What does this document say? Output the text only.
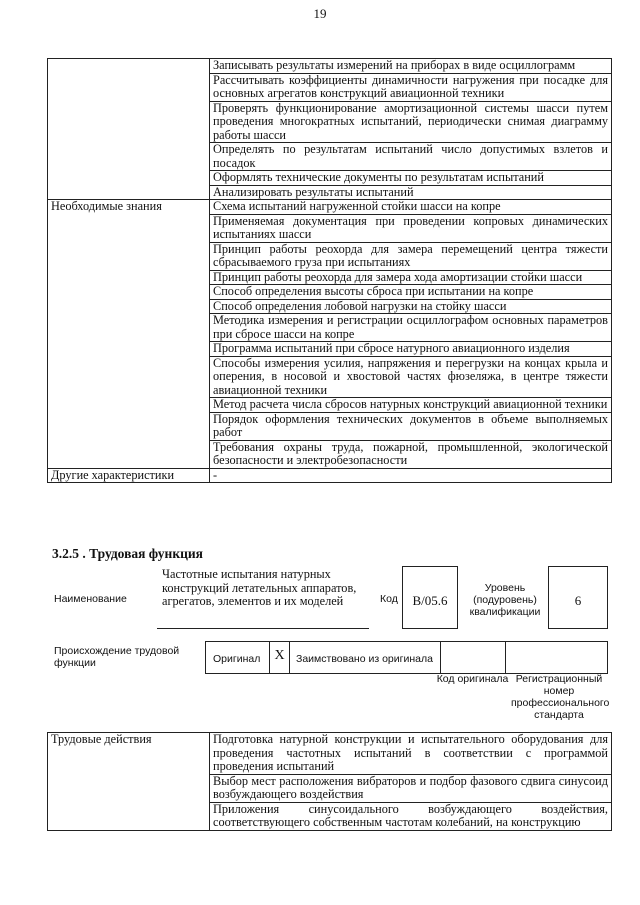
19
	Записывать результаты измерений на приборах в виде осциллограмм
	Рассчитывать коэффициенты динамичности нагружения при посадке для основных агрегатов конструкций авиационной техники
	Проверять функционирование амортизационной системы шасси путем проведения многократных испытаний, периодически снимая диаграмму работы шасси
	Определять по результатам испытаний число допустимых взлетов и посадок
	Оформлять технические документы по результатам испытаний
	Анализировать результаты испытаний
Необходимые знания	Схема испытаний нагруженной стойки шасси на копре
	Применяемая документация при проведении копровых динамических испытаниях шасси
	Принцип работы реохорда для замера перемещений центра тяжести сбрасываемого груза при испытаниях
	Принцип работы реохорда для замера хода амортизации стойки шасси
	Способ определения высоты сброса при испытании на копре
	Способ определения лобовой нагрузки на стойку шасси
	Методика измерения и регистрации осциллографом основных параметров при сбросе шасси на копре
	Программа испытаний при сбросе натурного авиационного изделия
	Способы измерения усилия, напряжения и перегрузки на концах крыла и оперения, в носовой и хвостовой частях фюзеляжа, в центре тяжести авиационной техники
	Метод расчета числа сбросов натурных конструкций авиационной техники
	Порядок оформления технических документов в объеме выполняемых работ
	Требования охраны труда, пожарной, промышленной, экологической безопасности и электробезопасности
Другие характеристики	-
3.2.5 . Трудовая функция
Наименование
Частотные испытания натурных конструкций летательных аппаратов, агрегатов, элементов и их моделей	Код	В/05.6
Уровень (подуровень) квалификации
6
Происхождение трудовой функции	Оригинал	X	Заимствовано из оригинала
Код оригинала Регистрационный номер профессионального стандарта
Трудовые действия	Подготовка натурной конструкции и испытательного оборудования для проведения частотных испытаний в соответствии с программой проведения испытаний
Выбор мест расположения вибраторов и подбор фазового сдвига синусоид возбуждающего воздействия
Приложения синусоидального возбуждающего воздействия, соответствующего собственным частотам колебаний, на конструкцию
